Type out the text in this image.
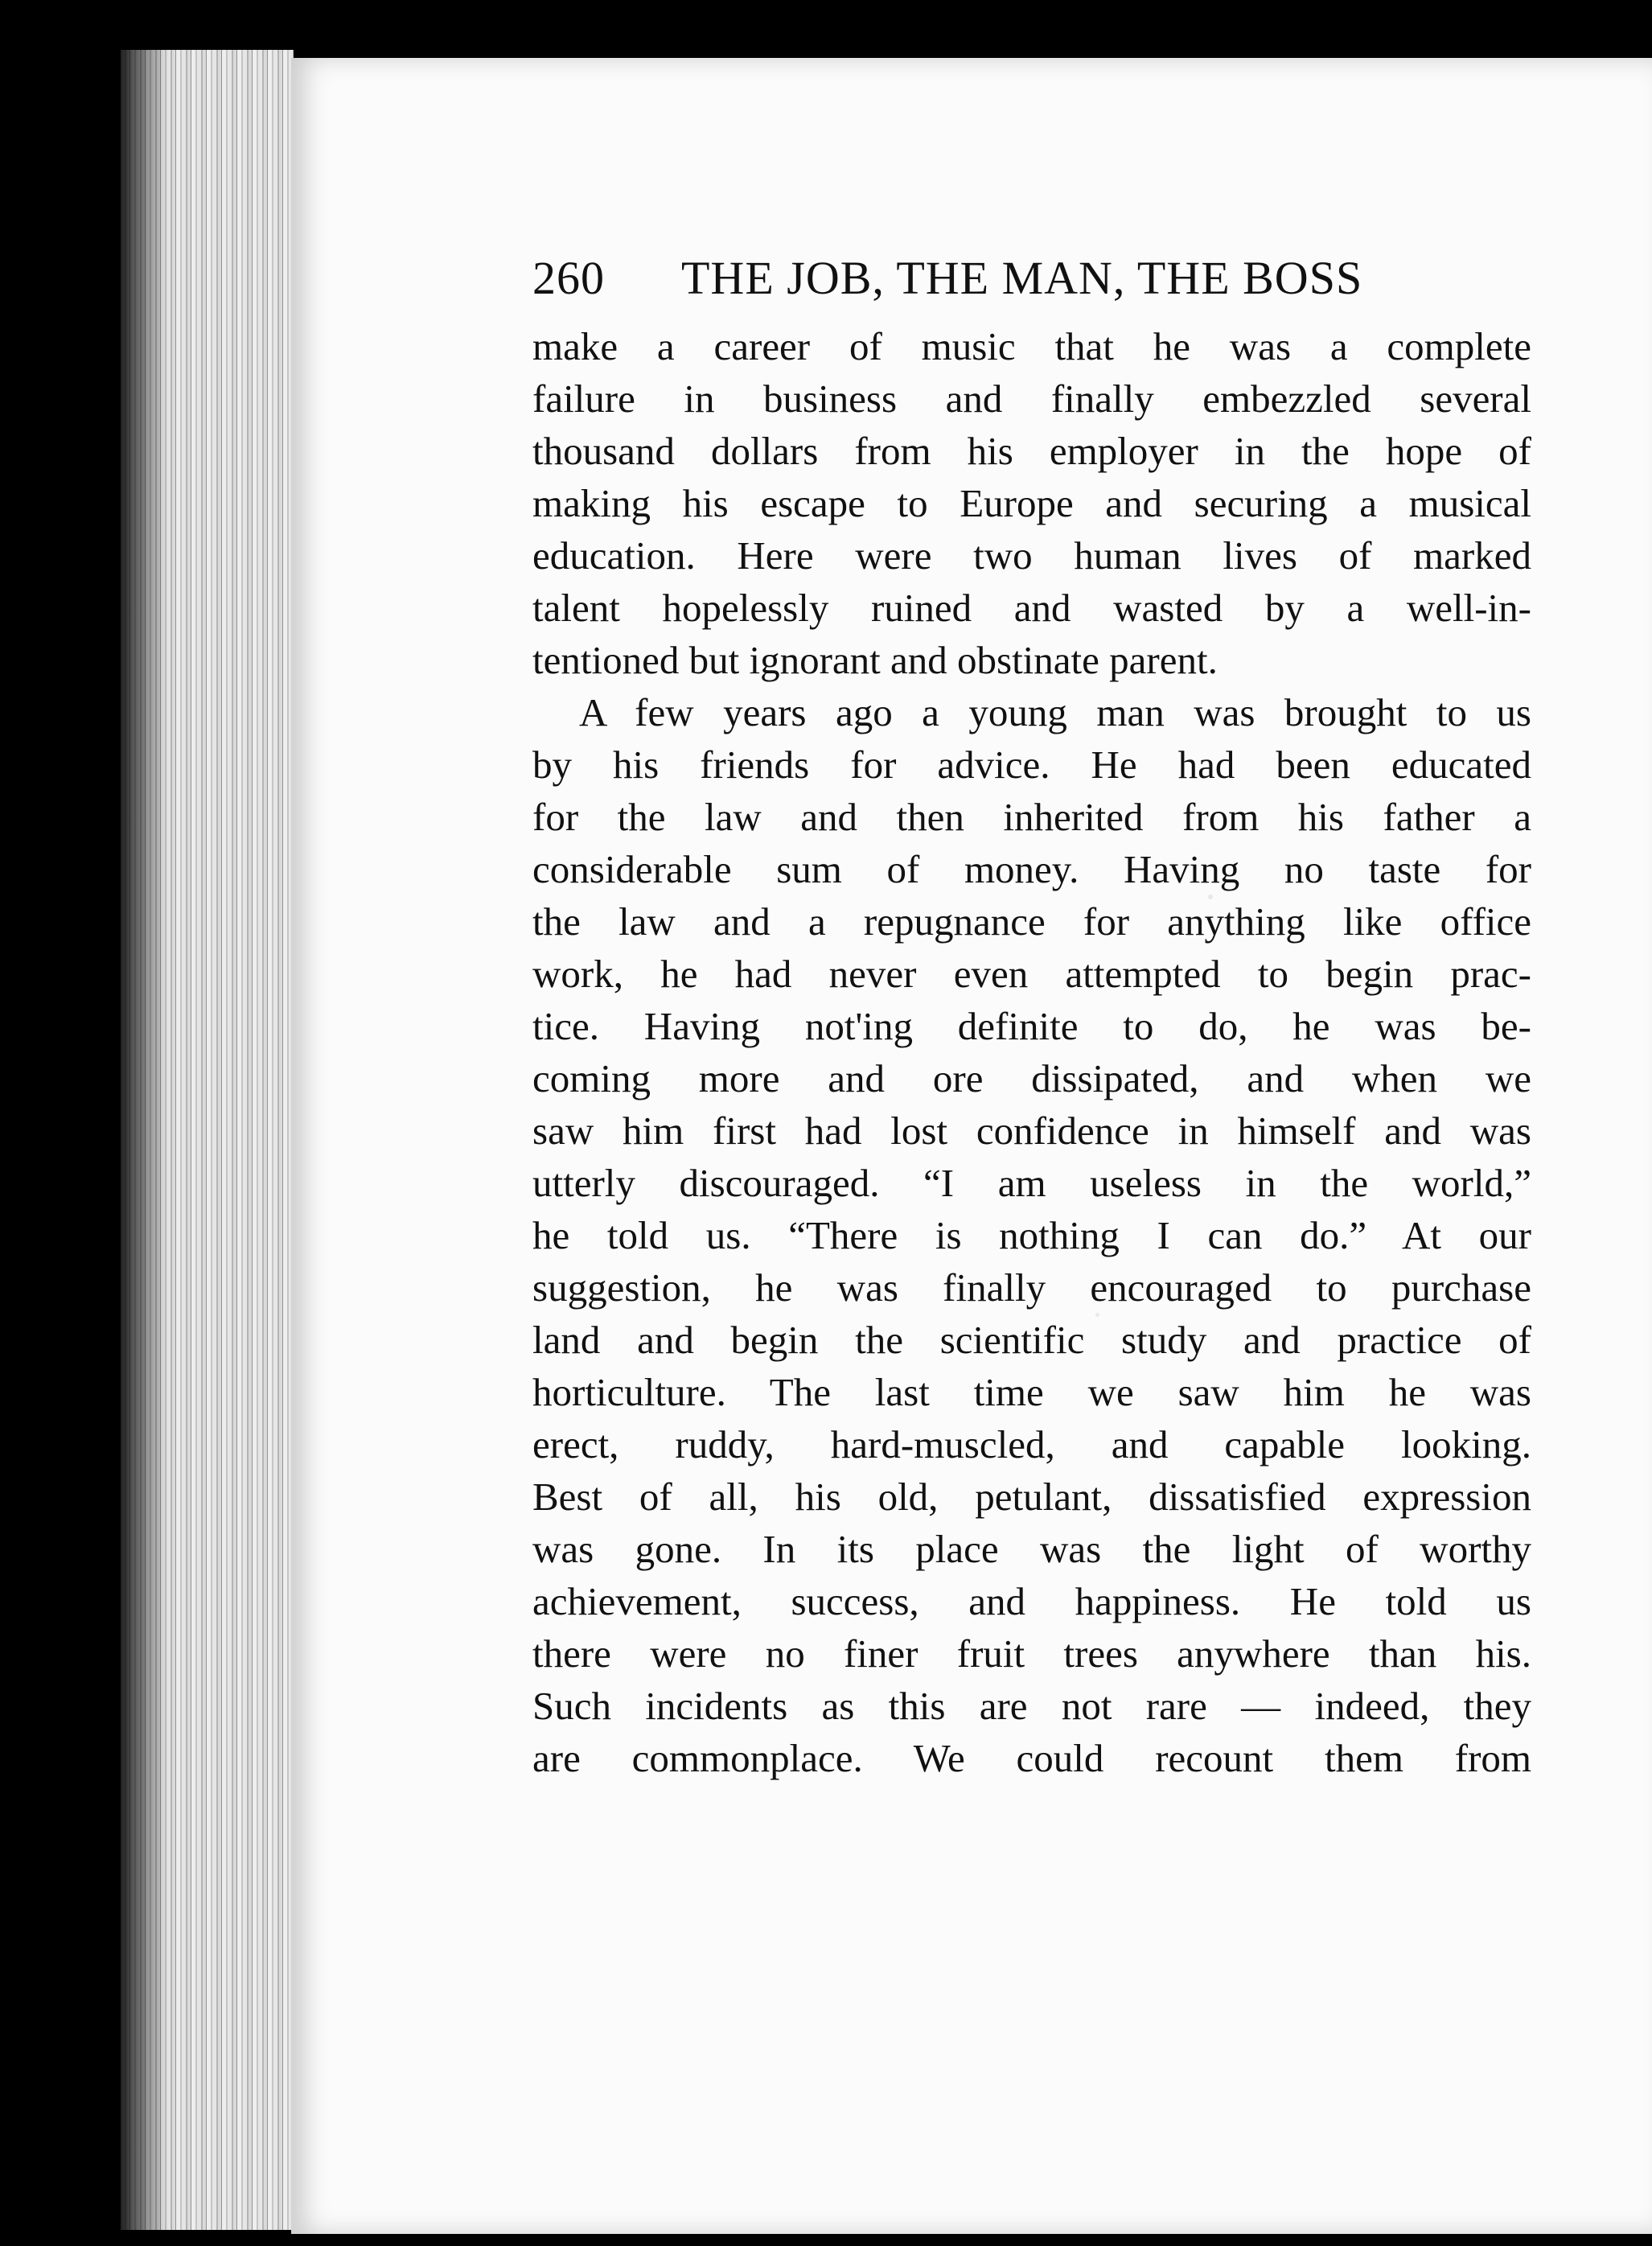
260 THE JOB, THE MAN, THE BOSS
make a career of music that he was a complete
failure in business and finally embezzled several
thousand dollars from his employer in the hope of
making his escape to Europe and securing a musical
education. Here were two human lives of marked
talent hopelessly ruined and wasted by a well-in-
tentioned but ignorant and obstinate parent.
A few years ago a young man was brought to us
by his friends for advice. He had been educated
for the law and then inherited from his father a
considerable sum of money. Having no taste for
the law and a repugnance for anything like office
work, he had never even attempted to begin prac-
tice. Having not'ing definite to do, he was be-
coming more and ore dissipated, and when we
saw him first had lost confidence in himself and was
utterly discouraged. “I am useless in the world,”
he told us. “There is nothing I can do.” At our
suggestion, he was finally encouraged to purchase
land and begin the scientific study and practice of
horticulture. The last time we saw him he was
erect, ruddy, hard-muscled, and capable looking.
Best of all, his old, petulant, dissatisfied expression
was gone. In its place was the light of worthy
achievement, success, and happiness. He told us
there were no finer fruit trees anywhere than his.
Such incidents as this are not rare — indeed, they
are commonplace. We could recount them from
